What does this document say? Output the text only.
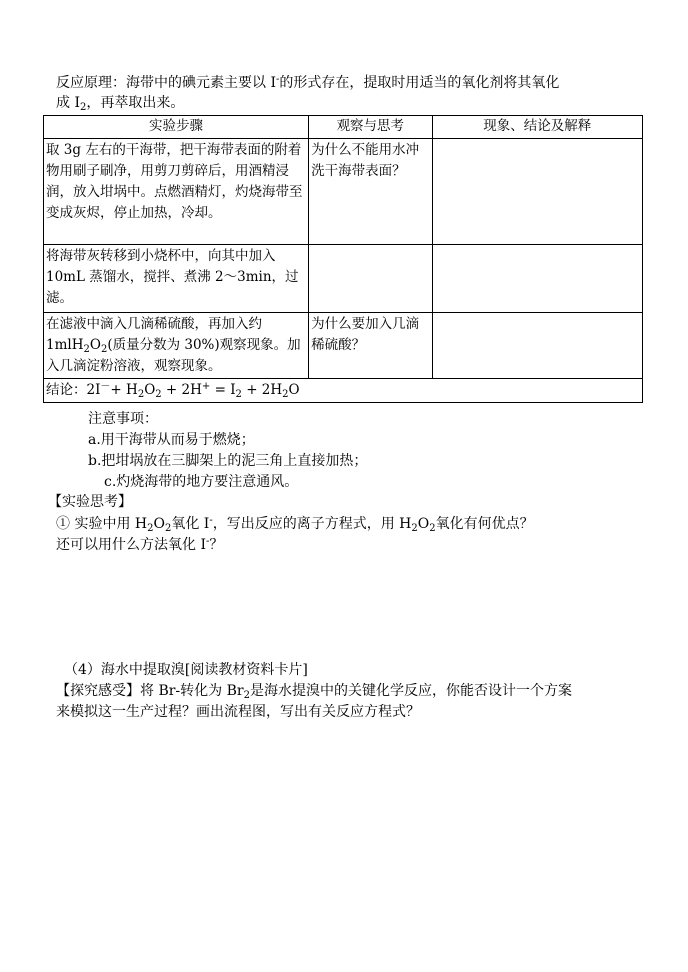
反应原理：海带中的碘元素主要以 I-的形式存在，提取时用适当的氧化剂将其氧化
成 $I_2$，再萃取出来。
实验步骤	观察与思考	现象、结论及解释
取 3g 左右的干海带，把干海带表面的附着物用刷子刷净，用剪刀剪碎后，用酒精浸润，放入坩埚中。点燃酒精灯，灼烧海带至变成灰烬，停止加热，冷却。	为什么不能用水冲洗干海带表面？	
将海带灰转移到小烧杯中，向其中加入 10mL 蒸馏水，搅拌、煮沸 2～3min，过滤。		
在滤液中滴入几滴稀硫酸，再加入约 $1mlH_2O_2$(质量分数为 30%)观察现象。加入几滴淀粉溶液，观察现象。	为什么要加入几滴稀硫酸？	
结论：$2I^-+ H_2O_2 + 2H^+ = I_2 + 2H_2O$		
注意事项：
a.用干海带从而易于燃烧；
b.把坩埚放在三脚架上的泥三角上直接加热；
c.灼烧海带的地方要注意通风。
【实验思考】
① 实验中用 $H_2O_2$氧化 I-，写出反应的离子方程式，用 $H_2O_2$氧化有何优点？
还可以用什么方法氧化 I-？
（4）海水中提取溴[阅读教材资料卡片]
【探究感受】将 Br-转化为 $Br_2$是海水提溴中的关键化学反应，你能否设计一个方案
来模拟这一生产过程？画出流程图，写出有关反应方程式？
